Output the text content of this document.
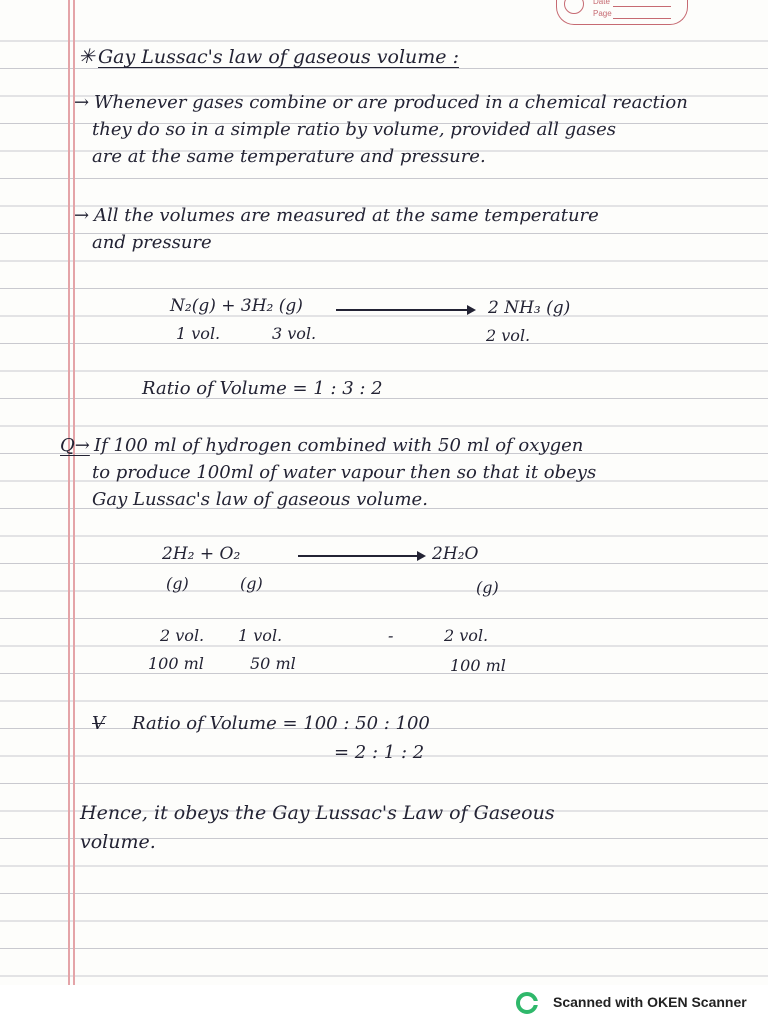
Date
Page
✳ Gay Lussac's law of gaseous volume :
→ Whenever gases combine or are produced in a chemical reaction
they do so in a simple ratio by volume, provided all gases
are at the same temperature and pressure.
→ All the volumes are measured at the same temperature
and pressure
N₂(g) + 3H₂ (g)	2 NH₃ (g)
1 vol.	3 vol.	2 vol.
Ratio of Volume = 1 : 3 : 2
Q→ If 100 ml of hydrogen combined with 50 ml of oxygen
to produce 100ml of water vapour then so that it obeys
Gay Lussac's law of gaseous volume.
2H₂ + O₂	2H₂O
(g)	(g)	(g)
2 vol. 1 vol.	-	2 vol.
100 ml	50 ml	100 ml
V Ratio of Volume = 100 : 50 : 100
= 2 : 1 : 2
Hence, it obeys the Gay Lussac's Law of Gaseous
volume.
Scanned with OKEN Scanner
